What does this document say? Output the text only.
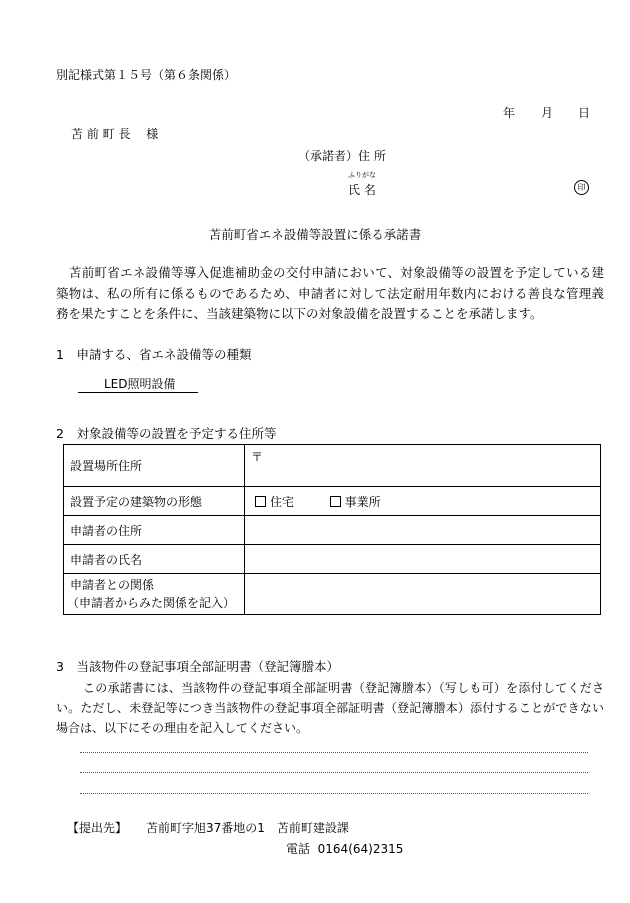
別記様式第１５号（第６条関係）
年 月 日
苫 前 町 長　 様
（承諾者）住 所
ふりがな
氏 名	印
苫前町省エネ設備等設置に係る承諾書
苫前町省エネ設備等導入促進補助金の交付申請において、対象設備等の設置を予定している建築物は、私の所有に係るものであるため、申請者に対して法定耐用年数内における善良な管理義務を果たすことを条件に、当該建築物に以下の対象設備を設置することを承諾します。
1　申請する、省エネ設備等の種類
LED照明設備
2　対象設備等の設置を予定する住所等
設置場所住所	〒
設置予定の建築物の形態	住宅 事業所
申請者の住所	
申請者の氏名	

申請者との関係
（申請者からみた関係を記入）	

3　当該物件の登記事項全部証明書（登記簿謄本）
この承諾書には、当該物件の登記事項全部証明書（登記簿謄本）（写しも可）を添付してください。ただし、未登記等につき当該物件の登記事項全部証明書（登記簿謄本）添付することができない場合は、以下にその理由を記入してください。
【提出先】 苫前町字旭37番地の1　苫前町建設課
電話 0164(64)2315
